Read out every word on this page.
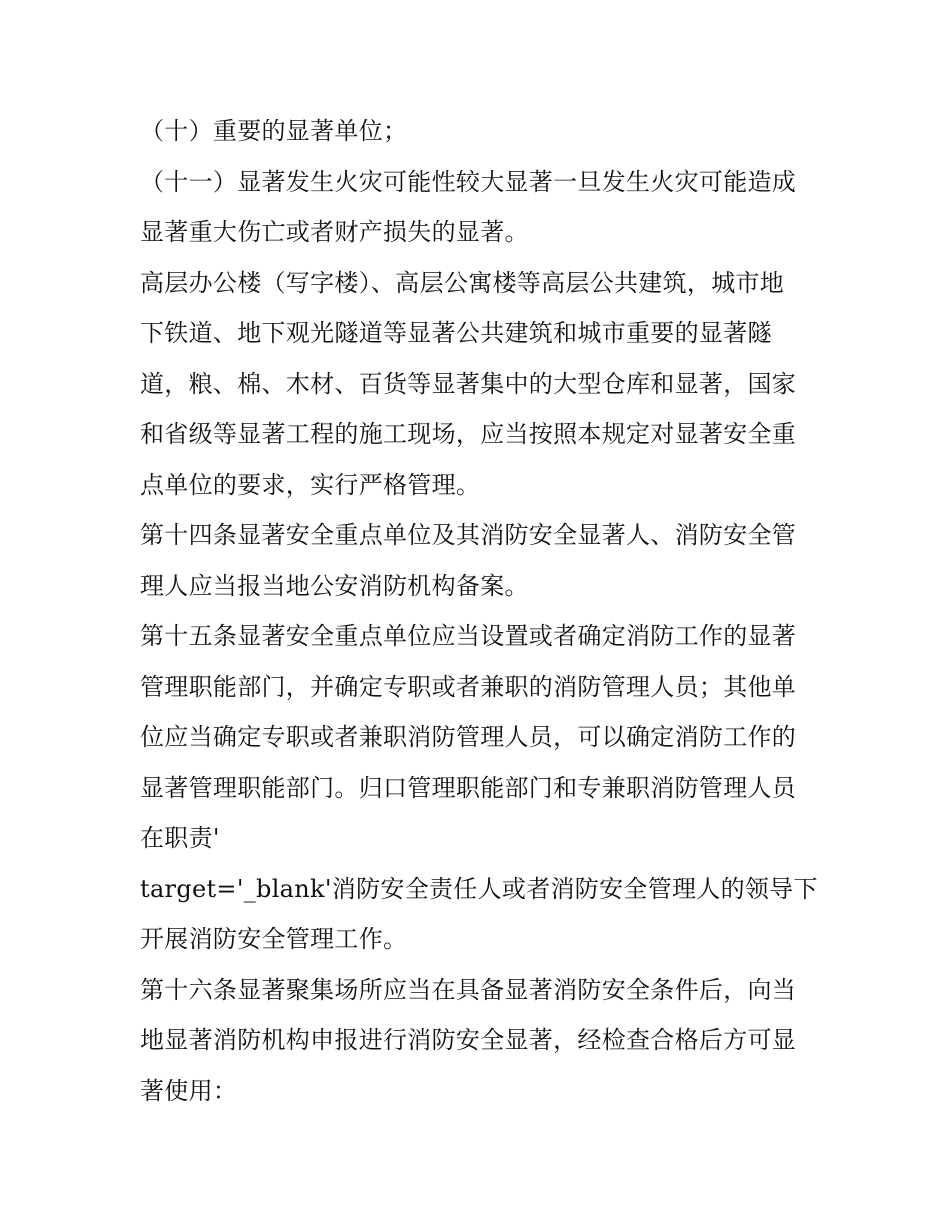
（十）重要的显著单位；

（十一）显著发生火灾可能性较大显著一旦发生火灾可能造成
显著重大伤亡或者财产损失的显著。

高层办公楼（写字楼）、高层公寓楼等高层公共建筑，城市地
下铁道、地下观光隧道等显著公共建筑和城市重要的显著隧
道，粮、棉、木材、百货等显著集中的大型仓库和显著，国家
和省级等显著工程的施工现场，应当按照本规定对显著安全重
点单位的要求，实行严格管理。

第十四条显著安全重点单位及其消防安全显著人、消防安全管
理人应当报当地公安消防机构备案。

第十五条显著安全重点单位应当设置或者确定消防工作的显著
管理职能部门，并确定专职或者兼职的消防管理人员；其他单
位应当确定专职或者兼职消防管理人员，可以确定消防工作的
显著管理职能部门。归口管理职能部门和专兼职消防管理人员
在职责'

target='_blank'消防安全责任人或者消防安全管理人的领导下
开展消防安全管理工作。

第十六条显著聚集场所应当在具备显著消防安全条件后，向当
地显著消防机构申报进行消防安全显著，经检查合格后方可显
著使用：
